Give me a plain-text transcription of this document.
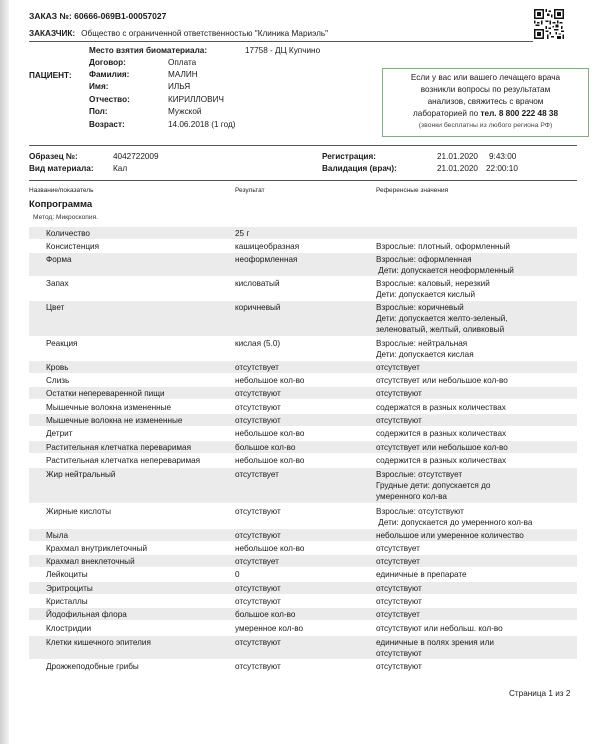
ЗАКАЗ №: 60666-069В1-00057027
ЗАКАЗЧИК: Общество с ограниченной ответственностью "Клиника Мариэль"
ПАЦИЕНТ:
Место взятия биоматериала:	17758 - ДЦ Купчино
Договор:	Оплата
Фамилия:	МАЛИН
Имя:	ИЛЬЯ
Отчество:	КИРИЛЛОВИЧ
Пол:	Мужской
Возраст:	14.06.2018 (1 год)
Если у вас или вашего лечащего врача
возникли вопросы по результатам
анализов, свяжитесь с врачом
лабораторией по тел. 8 800 222 48 38
(звонки бесплатны из любого региона РФ)
Образец №:	4042722009
Вид материала: Кал
Регистрация:	21.01.2020 9:43:00
Валидация (врач):	21.01.2020 22:00:10
Название/показатель	Результат	Референсные значения
Копрограмма
Метод: Микроскопия.
Количество	25 г
Консистенция	кашицеобразная	Взрослые: плотный, оформленный
Форма	неоформленная	Взрослые: оформленная
Дети: допускается неоформленный
Запах	кисловатый	Взрослые: каловый, нерезкий
Дети: допускается кислый
Цвет	коричневый	Взрослые: коричневый
Дети: допускается желто-зеленый,
зеленоватый, желтый, оливковый
Реакция	кислая (5.0)	Взрослые: нейтральная
Дети: допускается кислая
Кровь	отсутствует	отсутствует
Слизь	небольшое кол-во	отсутствует или небольшое кол-во
Остатки непереваренной пищи	отсутствуют	отсутствуют
Мышечные волокна измененные	отсутствуют	содержатся в разных количествах
Мышечные волокна не измененные	отсутствуют	отсутствуют
Детрит	небольшое кол-во	содержится в разных количествах
Растительная клетчатка переваримая	большое кол-во	отсутствует или небольшое кол-во
Растительная клетчатка непереваримая	небольшое кол-во	содержится в разных количествах
Жир нейтральный	отсутствует	Взрослые: отсутствует
Грудные дети: допускается до
умеренного кол-ва
Жирные кислоты	отсутствуют	Взрослые: отсутствуют
Дети: допускается до умеренного кол-ва
Мыла	отсутствуют	небольшое или умеренное количество
Крахмал внутриклеточный	небольшое кол-во	отсутствует
Крахмал внеклеточный	отсутствует	отсутствует
Лейкоциты	0	единичные в препарате
Эритроциты	отсутствуют	отсутствуют
Кристаллы	отсутствуют	отсутствуют
Йодофильная флора	большое кол-во	отсутствует
Клостридии	умеренное кол-во	отсутствуют или небольш. кол-во
Клетки кишечного эпителия	отсутствуют	единичные в полях зрения или
отсутствуют
Дрожжеподобные грибы	отсутствуют	отсутствуют
Страница 1 из 2
